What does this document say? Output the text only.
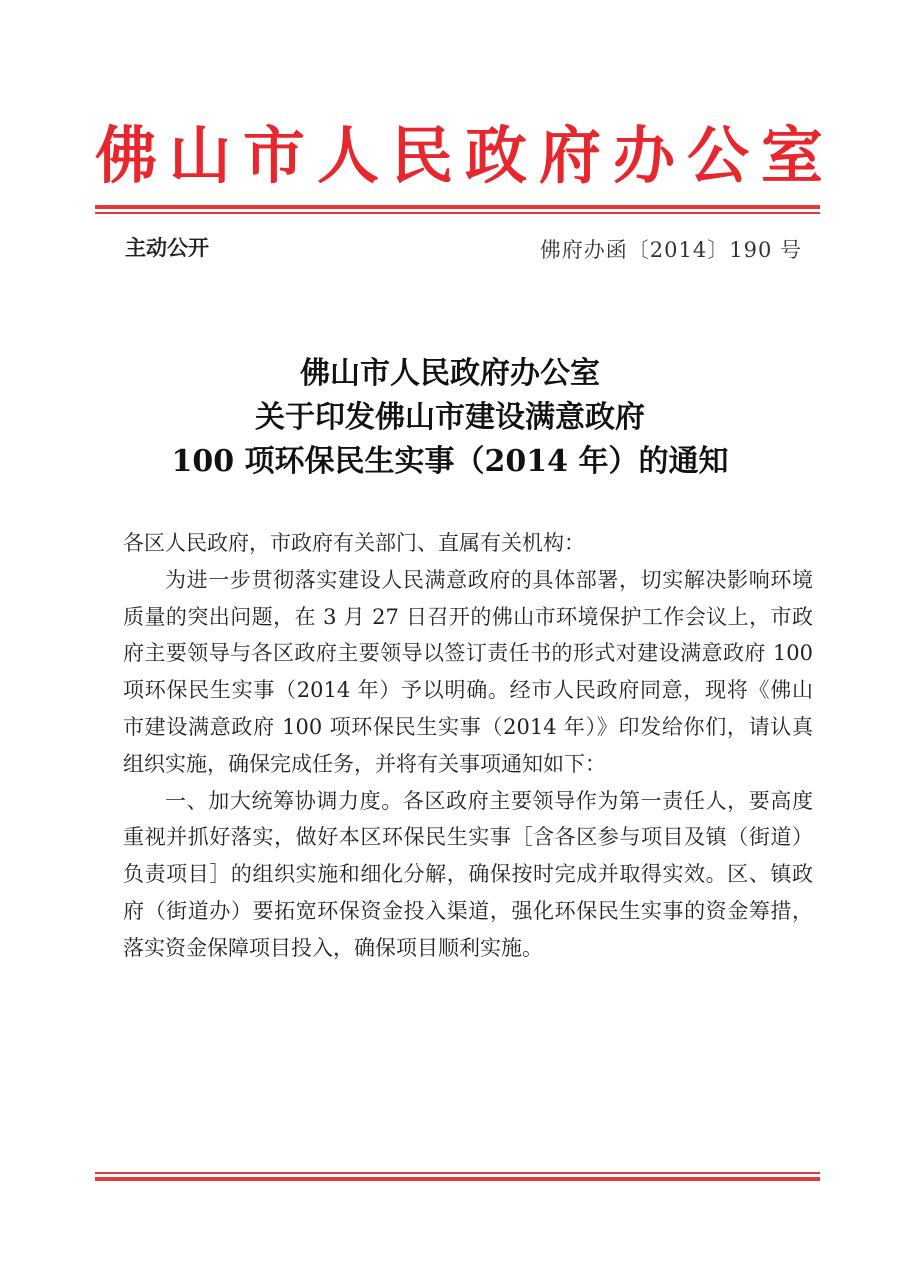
佛山市人民政府办公室
主动公开	佛府办函〔2014〕190 号
佛山市人民政府办公室
关于印发佛山市建设满意政府
100 项环保民生实事（2014 年）的通知

各区人民政府，市政府有关部门、直属有关机构：

为进一步贯彻落实建设人民满意政府的具体部署，切实解决影响环境质量的突出问题，在 3 月 27 日召开的佛山市环境保护工作会议上，市政府主要领导与各区政府主要领导以签订责任书的形式对建设满意政府 100 项环保民生实事（2014 年）予以明确。经市人民政府同意，现将《佛山市建设满意政府 100 项环保民生实事（2014 年）》印发给你们，请认真组织实施，确保完成任务，并将有关事项通知如下：

一、加大统筹协调力度。各区政府主要领导作为第一责任人，要高度重视并抓好落实，做好本区环保民生实事［含各区参与项目及镇（街道）负责项目］的组织实施和细化分解，确保按时完成并取得实效。区、镇政府（街道办）要拓宽环保资金投入渠道，强化环保民生实事的资金筹措，落实资金保障项目投入，确保项目顺利实施。
